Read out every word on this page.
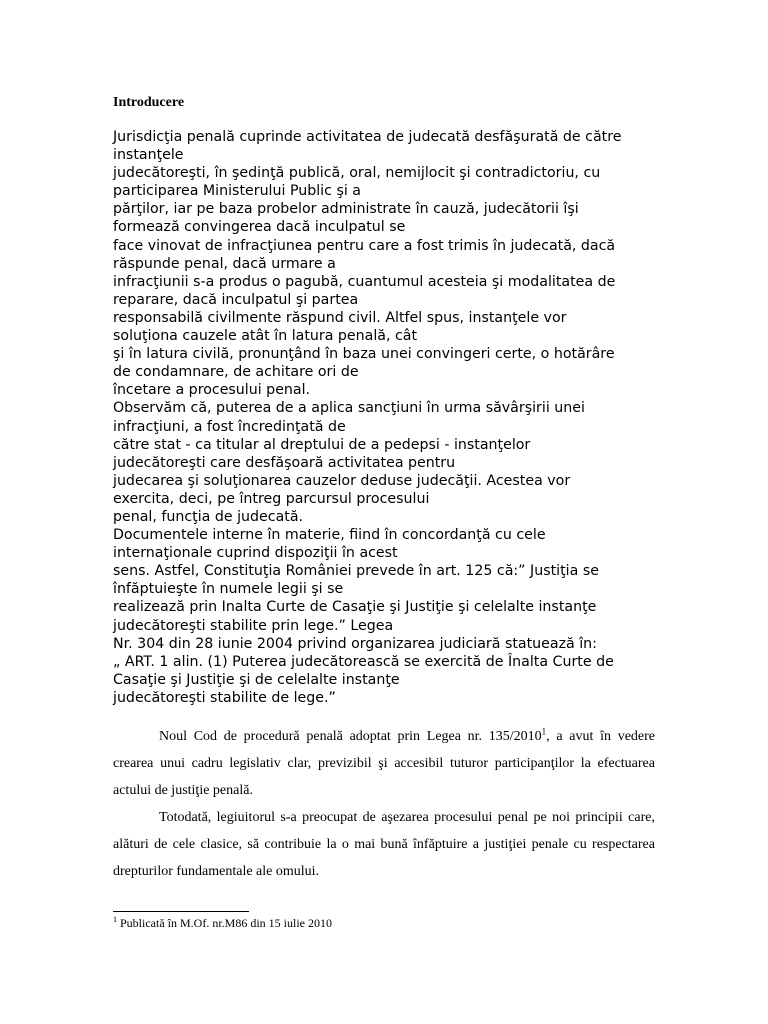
Introducere
Jurisdicţia penală cuprinde activitatea de judecată desfăşurată de către
instanţele
judecătoreşti, în şedinţă publică, oral, nemijlocit şi contradictoriu, cu
participarea Ministerului Public şi a
părţilor, iar pe baza probelor administrate în cauză, judecătorii îşi
formează convingerea dacă inculpatul se
face vinovat de infracţiunea pentru care a fost trimis în judecată, dacă
răspunde penal, dacă urmare a
infracţiunii s-a produs o pagubă, cuantumul acesteia şi modalitatea de
reparare, dacă inculpatul şi partea
responsabilă civilmente răspund civil. Altfel spus, instanţele vor
soluţiona cauzele atât în latura penală, cât
şi în latura civilă, pronunţând în baza unei convingeri certe, o hotărâre
de condamnare, de achitare ori de
încetare a procesului penal.
Observăm că, puterea de a aplica sancţiuni în urma săvârşirii unei
infracţiuni, a fost încredinţată de
către stat - ca titular al dreptului de a pedepsi - instanţelor
judecătoreşti care desfăşoară activitatea pentru
judecarea şi soluţionarea cauzelor deduse judecăţii. Acestea vor
exercita, deci, pe întreg parcursul procesului
penal, funcţia de judecată.
Documentele interne în materie, fiind în concordanţă cu cele
internaţionale cuprind dispoziţii în acest
sens. Astfel, Constituţia României prevede în art. 125 că:” Justiţia se
înfăptuieşte în numele legii şi se
realizează prin Inalta Curte de Casaţie şi Justiţie şi celelalte instanţe
judecătoreşti stabilite prin lege.” Legea
Nr. 304 din 28 iunie 2004 privind organizarea judiciară statuează în:
„ ART. 1 alin. (1) Puterea judecătorească se exercită de Înalta Curte de
Casaţie şi Justiţie şi de celelalte instanţe
judecătoreşti stabilite de lege.”

Noul Cod de procedură penală adoptat prin Legea nr. 135/2010$^1$, a avut în vedere crearea unui cadru legislativ clar, previzibil şi accesibil tuturor participanţilor la efectuarea actului de justiţie penală.

Totodată, legiuitorul s-a preocupat de aşezarea procesului penal pe noi principii care, alături de cele clasice, să contribuie la o mai bună înfăptuire a justiţiei penale cu respectarea drepturilor fundamentale ale omului.

$^1$ Publicată în M.Of. nr.M86 din 15 iulie 2010
